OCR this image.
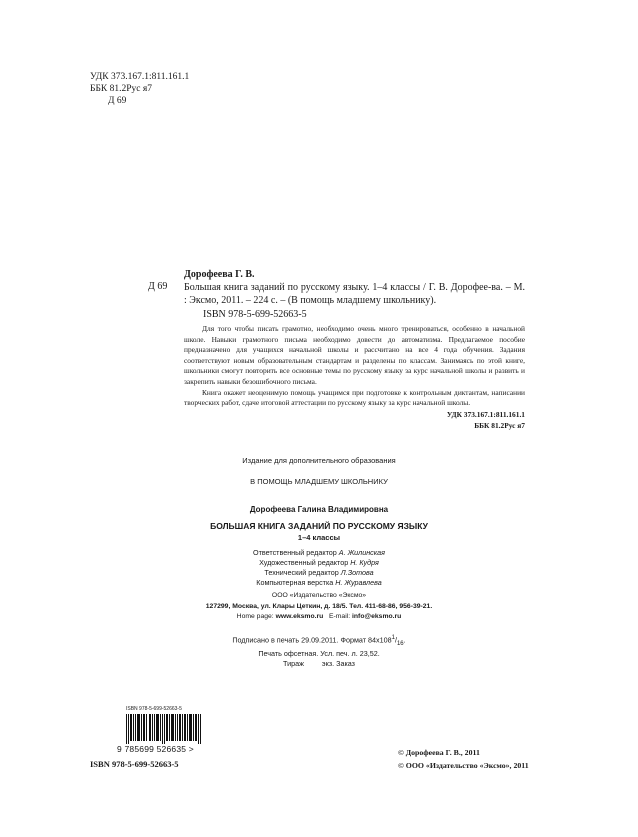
УДК 373.167.1:811.161.1
ББК 81.2Рус я7
Д 69
Дорофеева Г. В.
Д 69 Большая книга заданий по русскому языку. 1–4 классы / Г. В. Дорофее-ва. – М. : Эксмо, 2011. – 224 с. – (В помощь младшему школьнику).
ISBN 978-5-699-52663-5

Для того чтобы писать грамотно, необходимо очень много тренироваться, особенно в начальной школе. Навыки грамотного письма необходимо довести до автоматизма. Предлагаемое пособие предназначено для учащихся начальной школы и рассчитано на все 4 года обучения. Задания соответствуют новым образовательным стандартам и разделены по классам. Занимаясь по этой книге, школьники смогут повторить все основные темы по русскому языку за курс начальной школы и развить и закрепить навыки безошибочного письма.

Книга окажет неоценимую помощь учащимся при подготовке к контрольным диктантам, написании творческих работ, сдаче итоговой аттестации по русскому языку за курс начальной школы.

УДК 373.167.1:811.161.1
ББК 81.2Рус я7
Издание для дополнительного образования
В ПОМОЩЬ МЛАДШЕМУ ШКОЛЬНИКУ
Дорофеева Галина Владимировна
БОЛЬШАЯ КНИГА ЗАДАНИЙ ПО РУССКОМУ ЯЗЫКУ
1–4 классы
Ответственный редактор А. Жилинская
Художественный редактор Н. Кудря
Технический редактор Л.Зотова
Компьютерная верстка Н. Журавлева
ООО «Издательство «Эксмо»
127299, Москва, ул. Клары Цеткин, д. 18/5. Тел. 411-68-86, 956-39-21.
Home page: www.eksmo.ru E-mail: info@eksmo.ru
Подписано в печать 29.09.2011. Формат $84х108^1/_{16}$.
Печать офсетная. Усл. печ. л. 23,52.
Тираж	экз. Заказ
ISBN 978-5-699-52663-5
9 785699 526635 >
ISBN 978-5-699-52663-5
© Дорофеева Г. В., 2011
© ООО «Издательство «Эксмо», 2011
